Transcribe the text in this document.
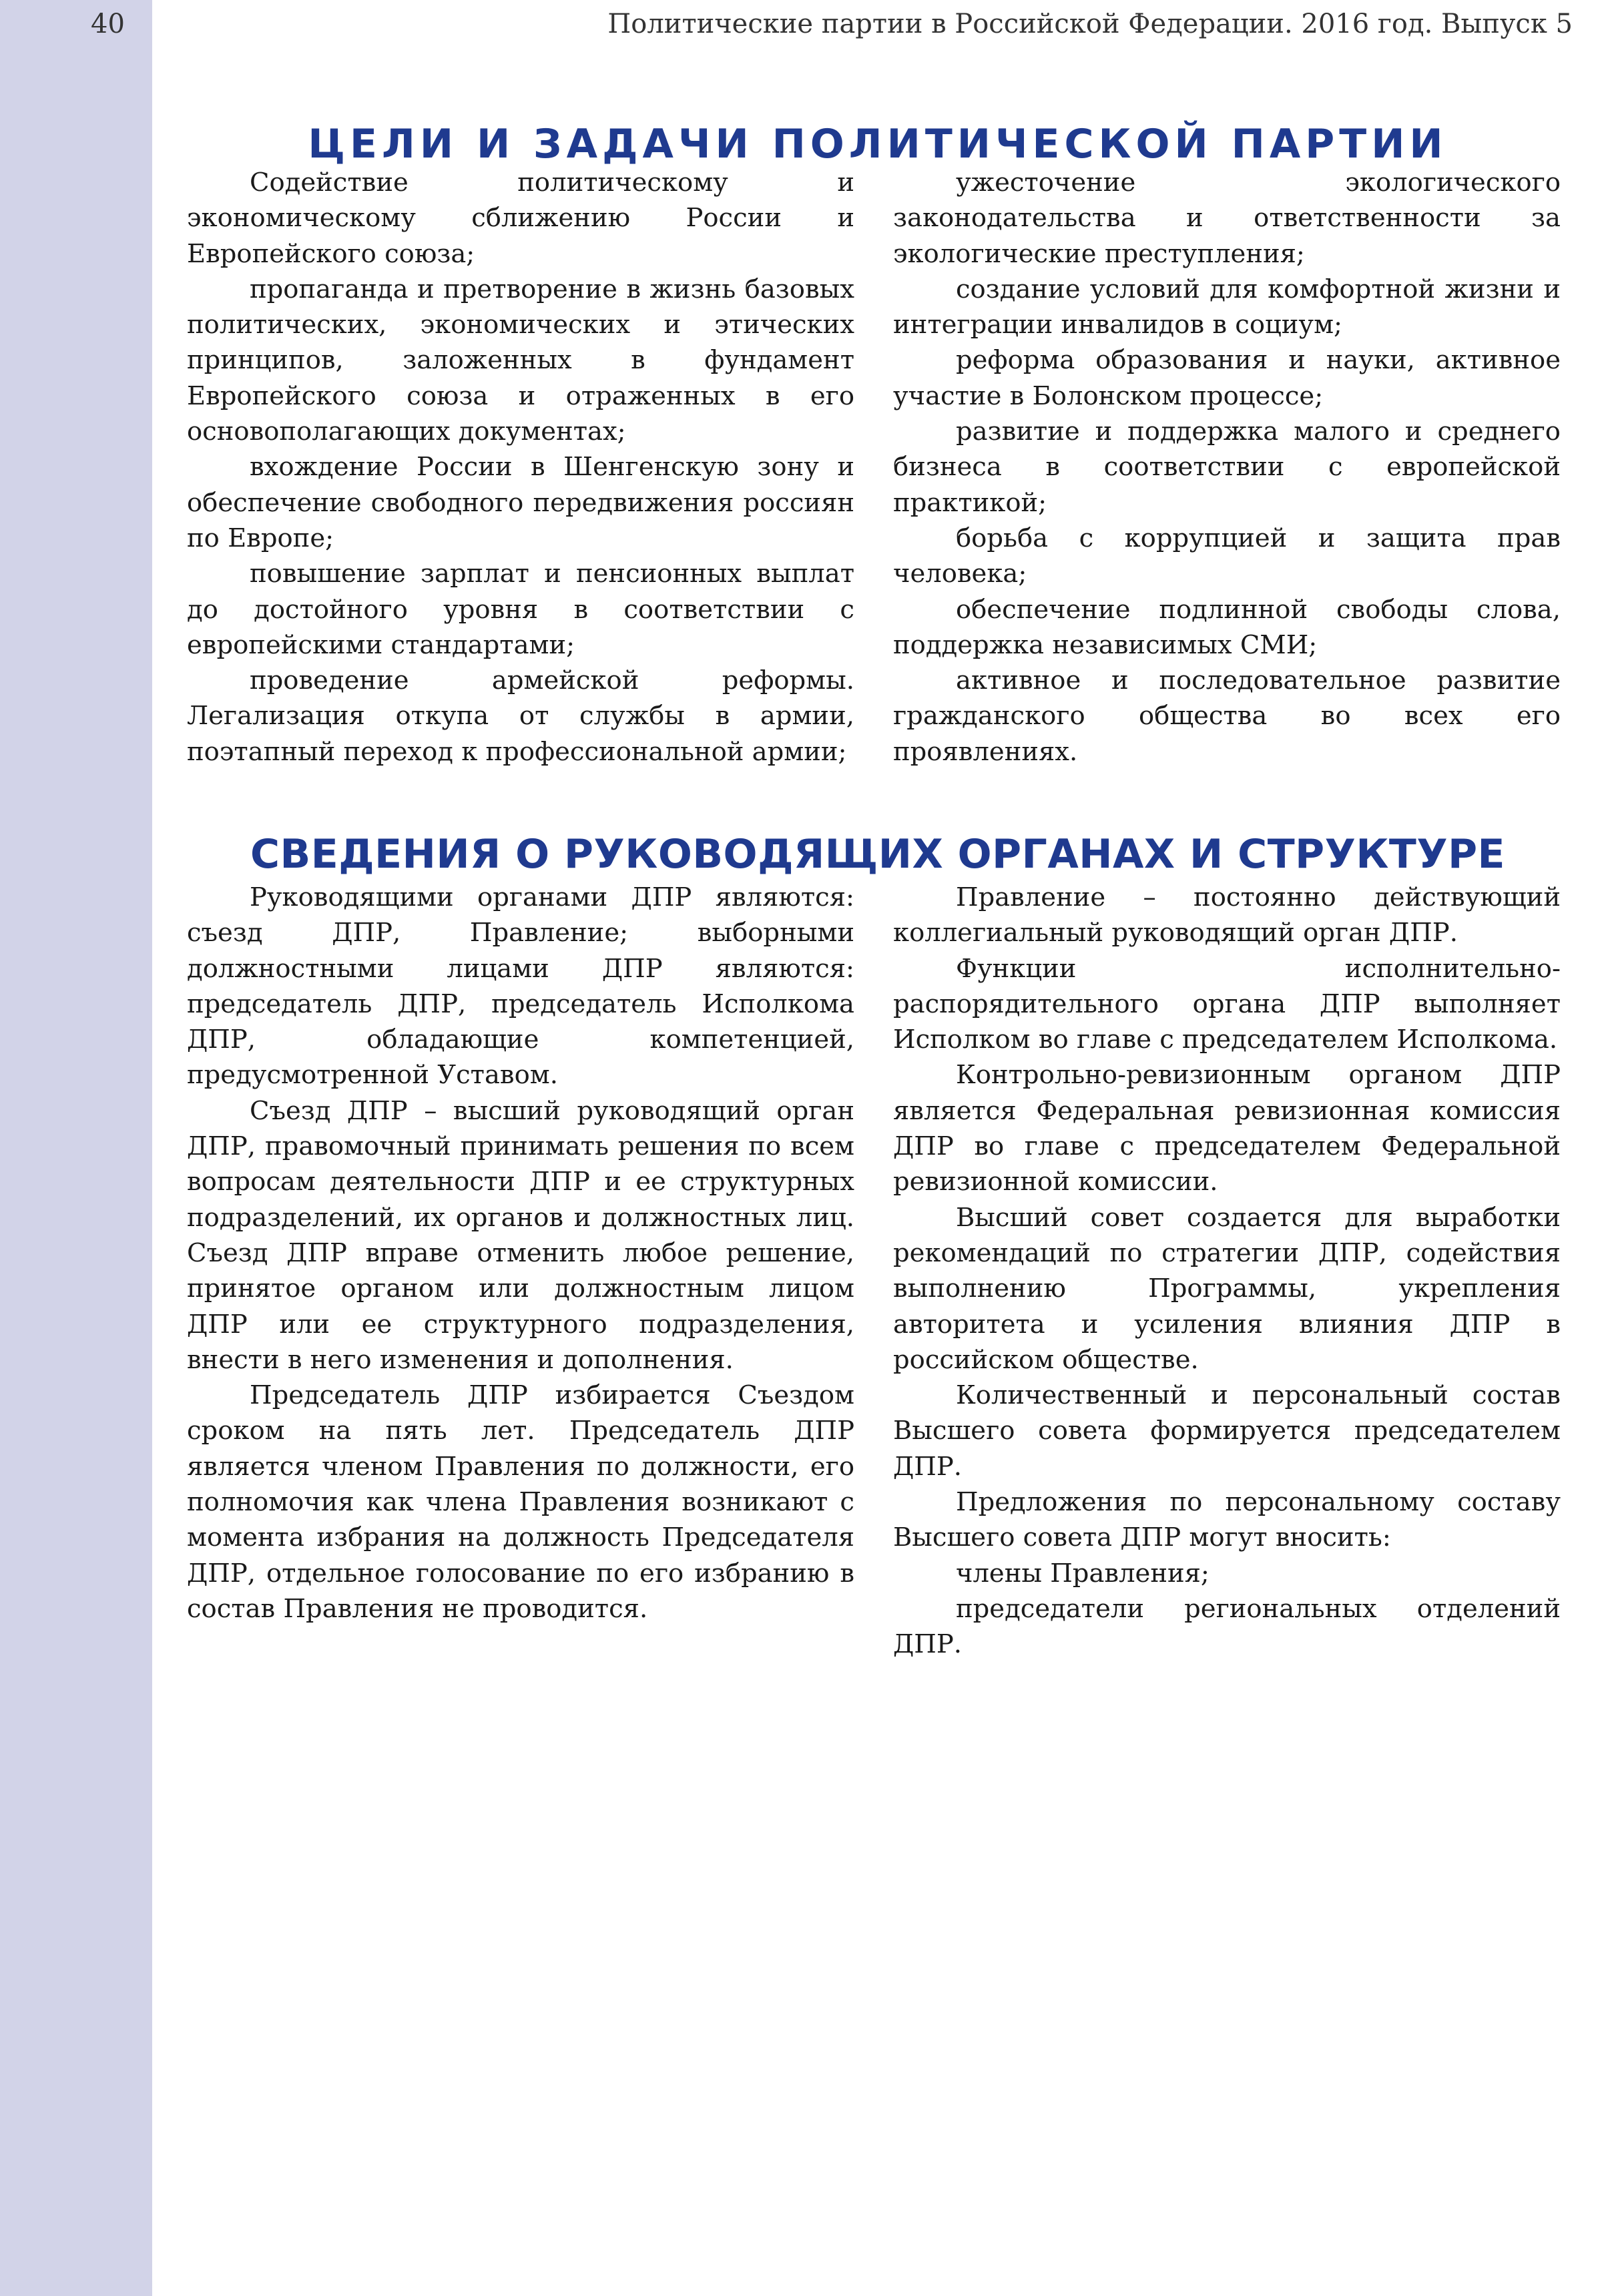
40	Политические партии в Российской Федерации. 2016 год. Выпуск 5
ЦЕЛИ И ЗАДАЧИ ПОЛИТИЧЕСКОЙ ПАРТИИ

Содействие политическому и экономическому сближению России и Европейского союза;

пропаганда и претворение в жизнь базовых политических, экономических и этических принципов, заложенных в фундамент Европейского союза и отраженных в его основополагающих документах;

вхождение России в Шенгенскую зону и обеспечение свободного передвижения россиян по Европе;

повышение зарплат и пенсионных выплат до достойного уровня в соответствии с европейскими стандартами;

проведение армейской реформы. Легализация откупа от службы в армии, поэтапный переход к профессиональной армии;

ужесточение экологического законодательства и ответственности за экологические преступления;

создание условий для комфортной жизни и интеграции инвалидов в социум;

реформа образования и науки, активное участие в Болонском процессе;

развитие и поддержка малого и среднего бизнеса в соответствии с европейской практикой;

борьба с коррупцией и защита прав человека;

обеспечение подлинной свободы слова, поддержка независимых СМИ;

активное и последовательное развитие гражданского общества во всех его проявлениях.

СВЕДЕНИЯ О РУКОВОДЯЩИХ ОРГАНАХ И СТРУКТУРЕ

Руководящими органами ДПР являются: съезд ДПР, Правление; выборными должностными лицами ДПР являются: председатель ДПР, председатель Исполкома ДПР, обладающие компетенцией, предусмотренной Уставом.

Съезд ДПР – высший руководящий орган ДПР, правомочный принимать решения по всем вопросам деятельности ДПР и ее структурных подразделений, их органов и должностных лиц. Съезд ДПР вправе отменить любое решение, принятое органом или должностным лицом ДПР или ее структурного подразделения, внести в него изменения и дополнения.

Председатель ДПР избирается Съездом сроком на пять лет. Председатель ДПР является членом Правления по должности, его полномочия как члена Правления возникают с момента избрания на должность Председателя ДПР, отдельное голосование по его избранию в состав Правления не проводится.

Правление – постоянно действующий коллегиальный руководящий орган ДПР.

Функции исполнительно-распорядительного органа ДПР выполняет Исполком во главе с председателем Исполкома.

Контрольно-ревизионным органом ДПР является Федеральная ревизионная комиссия ДПР во главе с председателем Федеральной ревизионной комиссии.

Высший совет создается для выработки рекомендаций по стратегии ДПР, содействия выполнению Программы, укрепления авторитета и усиления влияния ДПР в российском обществе.

Количественный и персональный состав Высшего совета формируется председателем ДПР.

Предложения по персональному составу Высшего совета ДПР могут вносить:

члены Правления;

председатели региональных отделений ДПР.
